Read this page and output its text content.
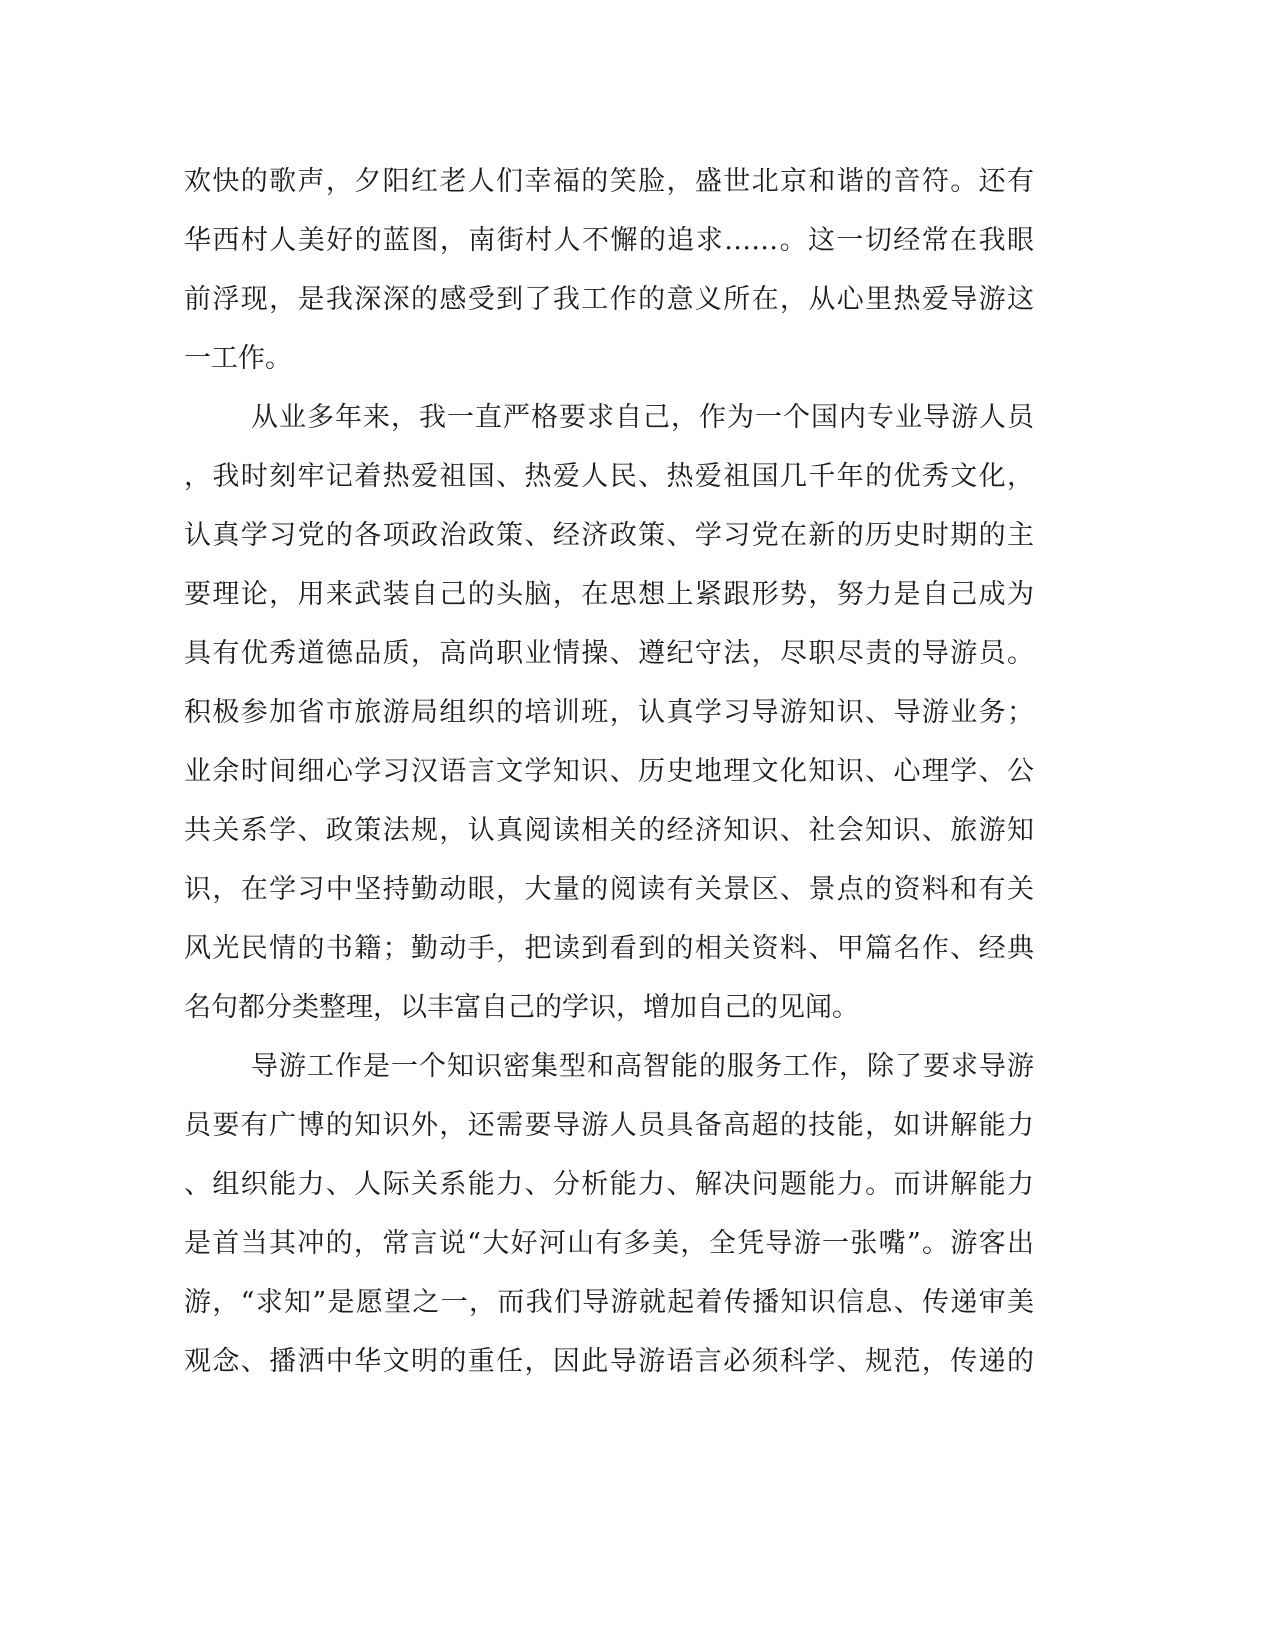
欢快的歌声，夕阳红老人们幸福的笑脸，盛世北京和谐的音符。还有
华西村人美好的蓝图，南街村人不懈的追求……。这一切经常在我眼
前浮现，是我深深的感受到了我工作的意义所在，从心里热爱导游这
一工作。
从业多年来，我一直严格要求自己，作为一个国内专业导游人员
，我时刻牢记着热爱祖国、热爱人民、热爱祖国几千年的优秀文化，
认真学习党的各项政治政策、经济政策、学习党在新的历史时期的主
要理论，用来武装自己的头脑，在思想上紧跟形势，努力是自己成为
具有优秀道德品质，高尚职业情操、遵纪守法，尽职尽责的导游员。
积极参加省市旅游局组织的培训班，认真学习导游知识、导游业务；
业余时间细心学习汉语言文学知识、历史地理文化知识、心理学、公
共关系学、政策法规，认真阅读相关的经济知识、社会知识、旅游知
识，在学习中坚持勤动眼，大量的阅读有关景区、景点的资料和有关
风光民情的书籍；勤动手，把读到看到的相关资料、甲篇名作、经典
名句都分类整理，以丰富自己的学识，增加自己的见闻。
导游工作是一个知识密集型和高智能的服务工作，除了要求导游
员要有广博的知识外，还需要导游人员具备高超的技能，如讲解能力
、组织能力、人际关系能力、分析能力、解决问题能力。而讲解能力
是首当其冲的，常言说“大好河山有多美，全凭导游一张嘴”。游客出
游，“求知”是愿望之一，而我们导游就起着传播知识信息、传递审美
观念、播洒中华文明的重任，因此导游语言必须科学、规范，传递的
